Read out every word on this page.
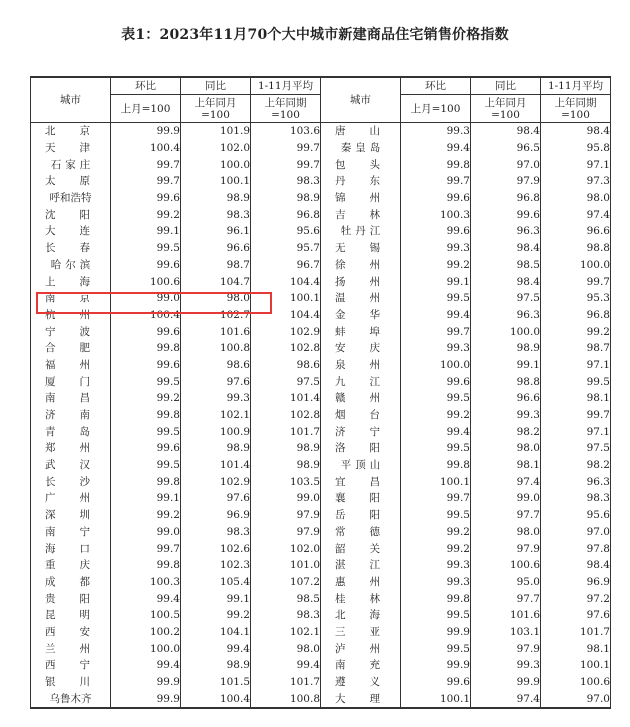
表1：2023年11月70个大中城市新建商品住宅销售价格指数
城市	环比	同比	1-11月平均	城市	环比	同比	1-11月平均
	上月=100	上年同月=100	上年同期=100		上月=100	上年同月=100	上年同期=100
北京	99.9	101.9	103.6	唐山	99.3	98.4	98.4
天津	100.4	102.0	99.7	秦皇岛	99.4	96.5	95.8
石家庄	99.7	100.0	99.7	包头	99.8	97.0	97.1
太原	99.7	100.1	98.3	丹东	99.7	97.9	97.3
呼和浩特	99.6	98.9	98.9	锦州	99.6	96.8	98.0
沈阳	99.2	98.3	96.8	吉林	100.3	99.6	97.4
大连	99.1	96.1	95.6	牡丹江	99.6	96.3	96.6
长春	99.5	96.6	95.7	无锡	99.3	98.4	98.8
哈尔滨	99.6	98.7	96.7	徐州	99.2	98.5	100.0
上海	100.6	104.7	104.4	扬州	99.1	98.4	99.7
南京	99.0	98.0	100.1	温州	99.5	97.5	95.3
杭州	100.4	102.7	104.4	金华	99.4	96.3	96.8
宁波	99.6	101.6	102.9	蚌埠	99.7	100.0	99.2
合肥	99.8	100.8	102.8	安庆	99.3	98.9	98.7
福州	99.6	98.6	98.6	泉州	100.0	99.1	97.1
厦门	99.5	97.6	97.5	九江	99.6	98.8	99.5
南昌	99.2	99.3	101.4	赣州	99.5	96.6	98.1
济南	99.8	102.1	102.8	烟台	99.2	99.3	99.7
青岛	99.5	100.9	101.7	济宁	99.4	98.2	97.1
郑州	99.6	98.9	98.9	洛阳	99.5	98.0	97.5
武汉	99.5	101.4	98.9	平顶山	99.8	98.1	98.2
长沙	99.8	102.9	103.5	宜昌	100.1	97.4	96.3
广州	99.1	97.6	99.0	襄阳	99.7	99.0	98.3
深圳	99.2	96.9	97.9	岳阳	99.5	97.7	95.6
南宁	99.0	98.3	97.9	常德	99.2	98.0	97.0
海口	99.7	102.6	102.0	韶关	99.2	97.9	97.8
重庆	99.8	102.3	101.0	湛江	99.3	100.6	98.4
成都	100.3	105.4	107.2	惠州	99.3	95.0	96.9
贵阳	99.4	99.1	98.5	桂林	99.8	97.7	97.2
昆明	100.5	99.2	98.3	北海	99.5	101.6	97.6
西安	100.2	104.1	102.1	三亚	99.9	103.1	101.7
兰州	100.0	99.4	98.0	泸州	99.5	97.9	98.1
西宁	99.4	98.9	99.4	南充	99.9	99.3	100.1
银川	99.9	101.5	101.7	遵义	99.6	99.9	100.6
乌鲁木齐	99.9	100.4	100.8	大理	100.1	97.4	97.0
